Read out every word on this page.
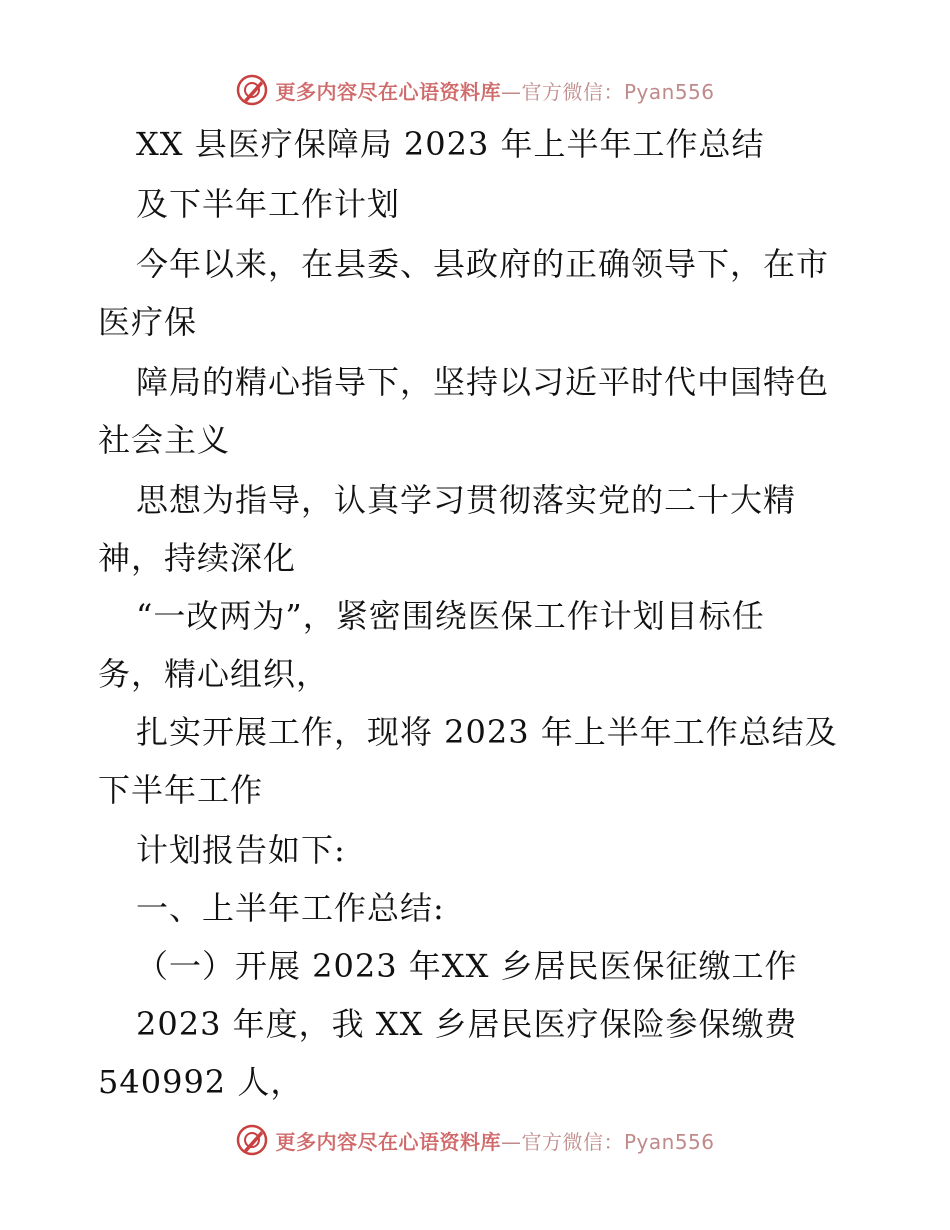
更多内容尽在心语资料库—官方微信：Pyan556
XX 县医疗保障局 2023 年上半年工作总结
及下半年工作计划
今年以来，在县委、县政府的正确领导下，在市
医疗保
障局的精心指导下，坚持以习近平时代中国特色
社会主义
思想为指导，认真学习贯彻落实党的二十大精
神，持续深化
“一改两为”，紧密围绕医保工作计划目标任
务，精心组织，
扎实开展工作，现将 2023 年上半年工作总结及
下半年工作
计划报告如下:
一、上半年工作总结:
（一）开展 2023 年XX 乡居民医保征缴工作
2023 年度，我 XX 乡居民医疗保险参保缴费
540992 人，
更多内容尽在心语资料库—官方微信：Pyan556
